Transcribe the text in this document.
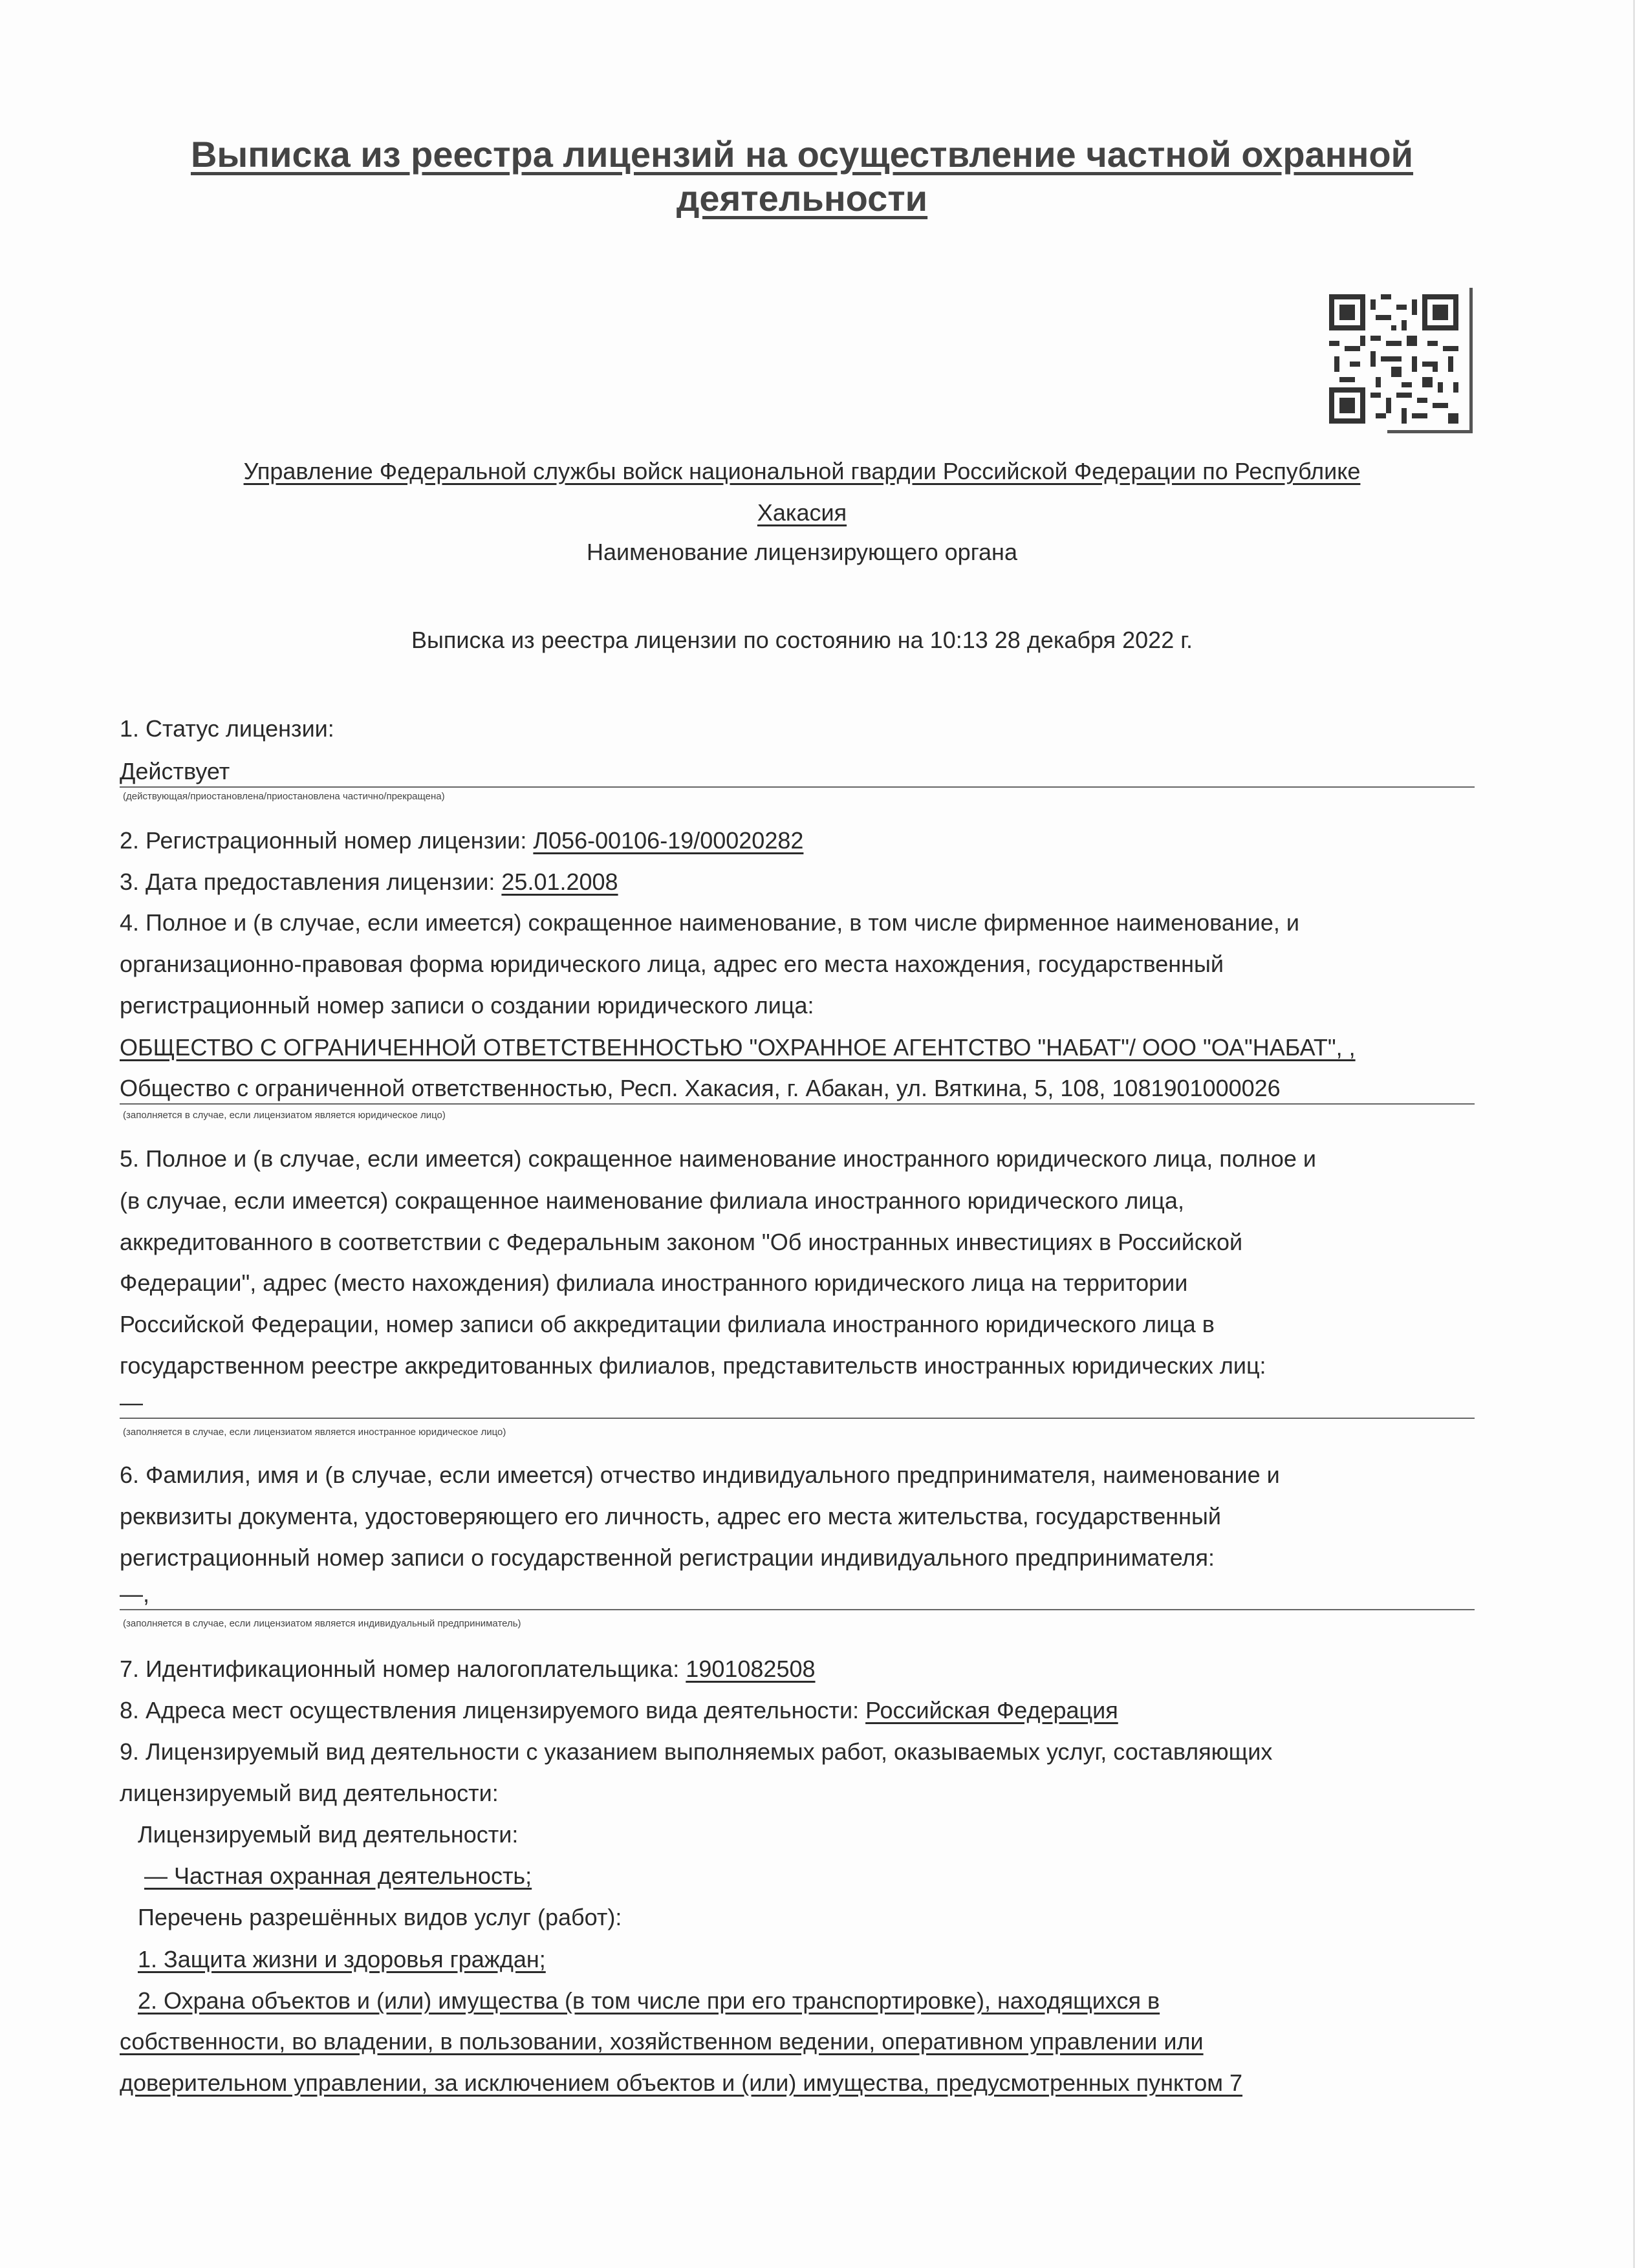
Выписка из реестра лицензий на осуществление частной охранной деятельности
Управление Федеральной службы войск национальной гвардии Российской Федерации по Республике
Хакасия
Наименование лицензирующего органа
Выписка из реестра лицензии по состоянию на 10:13 28 декабря 2022 г.
1. Статус лицензии:
Действует
(действующая/приостановлена/приостановлена частично/прекращена)
2. Регистрационный номер лицензии: Л056-00106-19/00020282
3. Дата предоставления лицензии: 25.01.2008
4. Полное и (в случае, если имеется) сокращенное наименование, в том числе фирменное наименование, и
организационно-правовая форма юридического лица, адрес его места нахождения, государственный
регистрационный номер записи о создании юридического лица:
ОБЩЕСТВО С ОГРАНИЧЕННОЙ ОТВЕТСТВЕННОСТЬЮ "ОХРАННОЕ АГЕНТСТВО "НАБАТ"/ ООО "ОА"НАБАТ", ,
Общество с ограниченной ответственностью, Респ. Хакасия, г. Абакан, ул. Вяткина, 5, 108, 1081901000026
(заполняется в случае, если лицензиатом является юридическое лицо)
5. Полное и (в случае, если имеется) сокращенное наименование иностранного юридического лица, полное и
(в случае, если имеется) сокращенное наименование филиала иностранного юридического лица,
аккредитованного в соответствии с Федеральным законом "Об иностранных инвестициях в Российской
Федерации", адрес (место нахождения) филиала иностранного юридического лица на территории
Российской Федерации, номер записи об аккредитации филиала иностранного юридического лица в
государственном реестре аккредитованных филиалов, представительств иностранных юридических лиц:
—
(заполняется в случае, если лицензиатом является иностранное юридическое лицо)
6. Фамилия, имя и (в случае, если имеется) отчество индивидуального предпринимателя, наименование и
реквизиты документа, удостоверяющего его личность, адрес его места жительства, государственный
регистрационный номер записи о государственной регистрации индивидуального предпринимателя:
—,
(заполняется в случае, если лицензиатом является индивидуальный предприниматель)
7. Идентификационный номер налогоплательщика: 1901082508
8. Адреса мест осуществления лицензируемого вида деятельности: Российская Федерация
9. Лицензируемый вид деятельности с указанием выполняемых работ, оказываемых услуг, составляющих
лицензируемый вид деятельности:
Лицензируемый вид деятельности:
— Частная охранная деятельность;
Перечень разрешённых видов услуг (работ):
1. Защита жизни и здоровья граждан;
2. Охрана объектов и (или) имущества (в том числе при его транспортировке), находящихся в
собственности, во владении, в пользовании, хозяйственном ведении, оперативном управлении или
доверительном управлении, за исключением объектов и (или) имущества, предусмотренных пунктом 7
